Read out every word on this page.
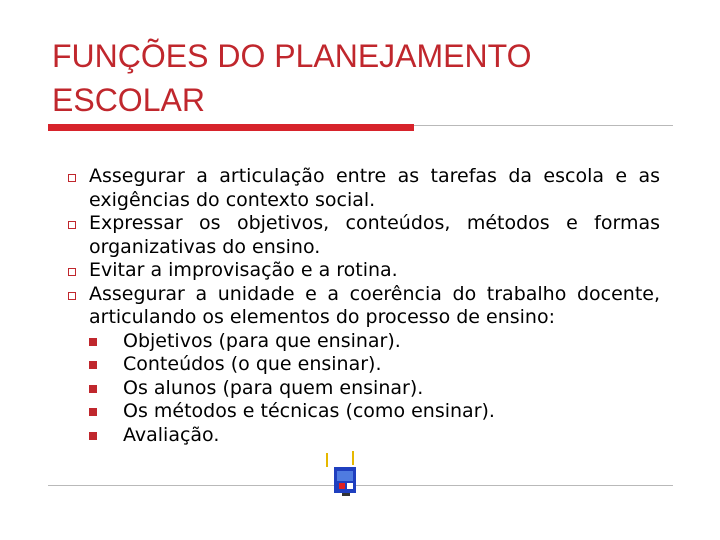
FUNÇÕES DO PLANEJAMENTO ESCOLAR
Assegurar a articulação entre as tarefas da escola e as exigências do contexto social.
Expressar os objetivos, conteúdos, métodos e formas organizativas do ensino.
Evitar a improvisação e a rotina.
Assegurar a unidade e a coerência do trabalho docente, articulando os elementos do processo de ensino:
Objetivos (para que ensinar).
Conteúdos (o que ensinar).
Os alunos (para quem ensinar).
Os métodos e técnicas (como ensinar).
Avaliação.
